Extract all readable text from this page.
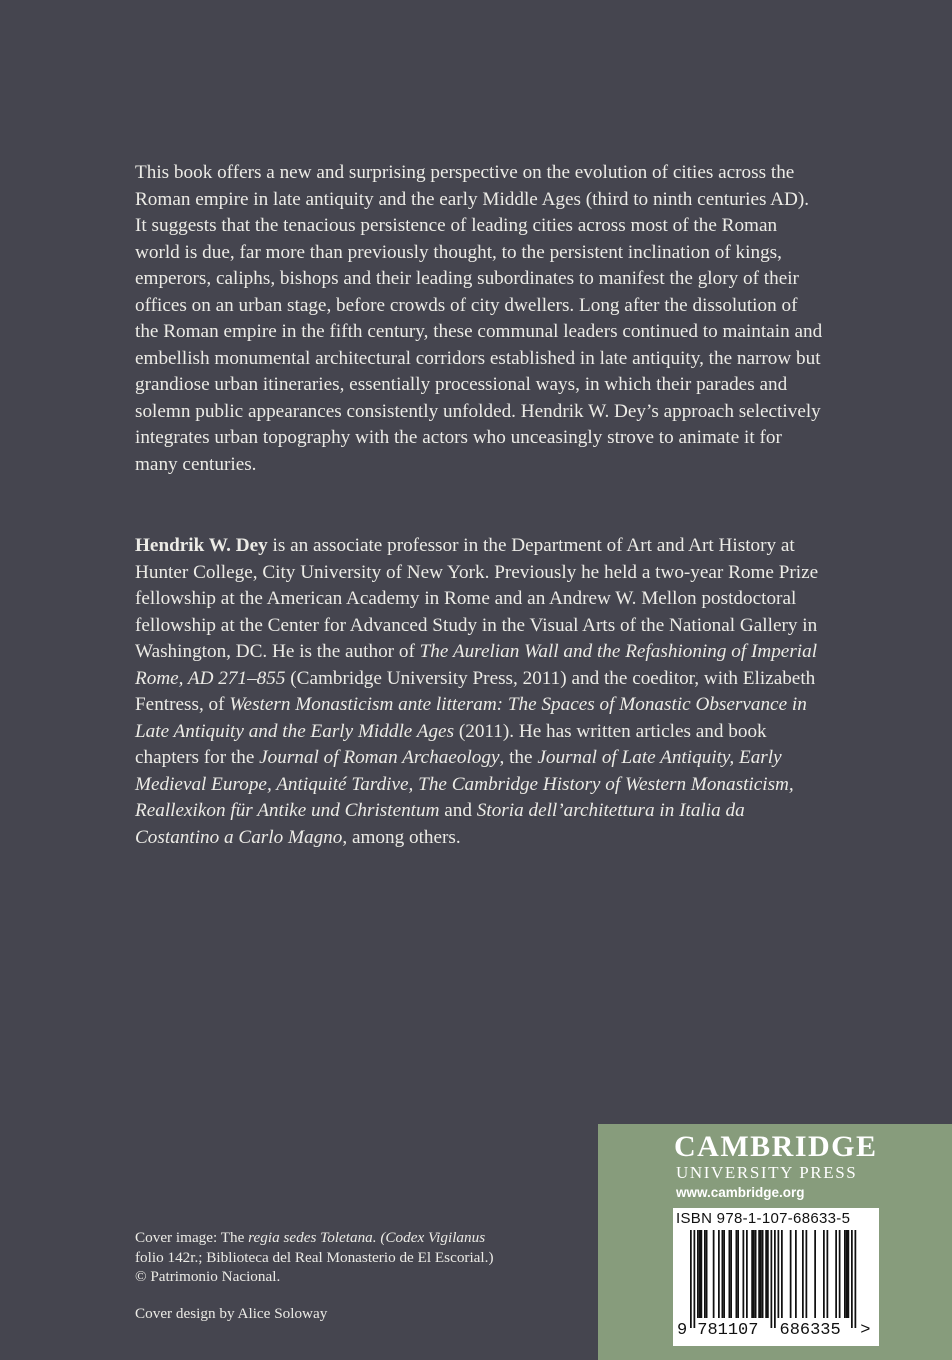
This book offers a new and surprising perspective on the evolution of cities across the Roman empire in late antiquity and the early Middle Ages (third to ninth centuries AD). It suggests that the tenacious persistence of leading cities across most of the Roman world is due, far more than previously thought, to the persistent inclination of kings, emperors, caliphs, bishops and their leading subordinates to manifest the glory of their offices on an urban stage, before crowds of city dwellers. Long after the dissolution of the Roman empire in the fifth century, these communal leaders continued to maintain and embellish monumental architectural corridors established in late antiquity, the narrow but grandiose urban itineraries, essentially processional ways, in which their parades and solemn public appearances consistently unfolded. Hendrik W. Dey’s approach selectively integrates urban topography with the actors who unceasingly strove to animate it for many centuries.

Hendrik W. Dey is an associate professor in the Department of Art and Art History at Hunter College, City University of New York. Previously he held a two-year Rome Prize fellowship at the American Academy in Rome and an Andrew W. Mellon postdoctoral fellowship at the Center for Advanced Study in the Visual Arts of the National Gallery in Washington, DC. He is the author of The Aurelian Wall and the Refashioning of Imperial Rome, AD 271–855 (Cambridge University Press, 2011) and the coeditor, with Elizabeth Fentress, of Western Monasticism ante litteram: The Spaces of Monastic Observance in Late Antiquity and the Early Middle Ages (2011). He has written articles and book chapters for the Journal of Roman Archaeology, the Journal of Late Antiquity, Early Medieval Europe, Antiquité Tardive, The Cambridge History of Western Monasticism, Reallexikon für Antike und Christentum and Storia dell’architettura in Italia da Costantino a Carlo Magno, among others.

Cover image: The regia sedes Toletana. (Codex Vigilanus
folio 142r.; Biblioteca del Real Monasterio de El Escorial.)
© Patrimonio Nacional.

Cover design by Alice Soloway

CAMBRIDGE
UNIVERSITY PRESS
www.cambridge.org
ISBN 978-1-107-68633-5
9 781107 686335 >
